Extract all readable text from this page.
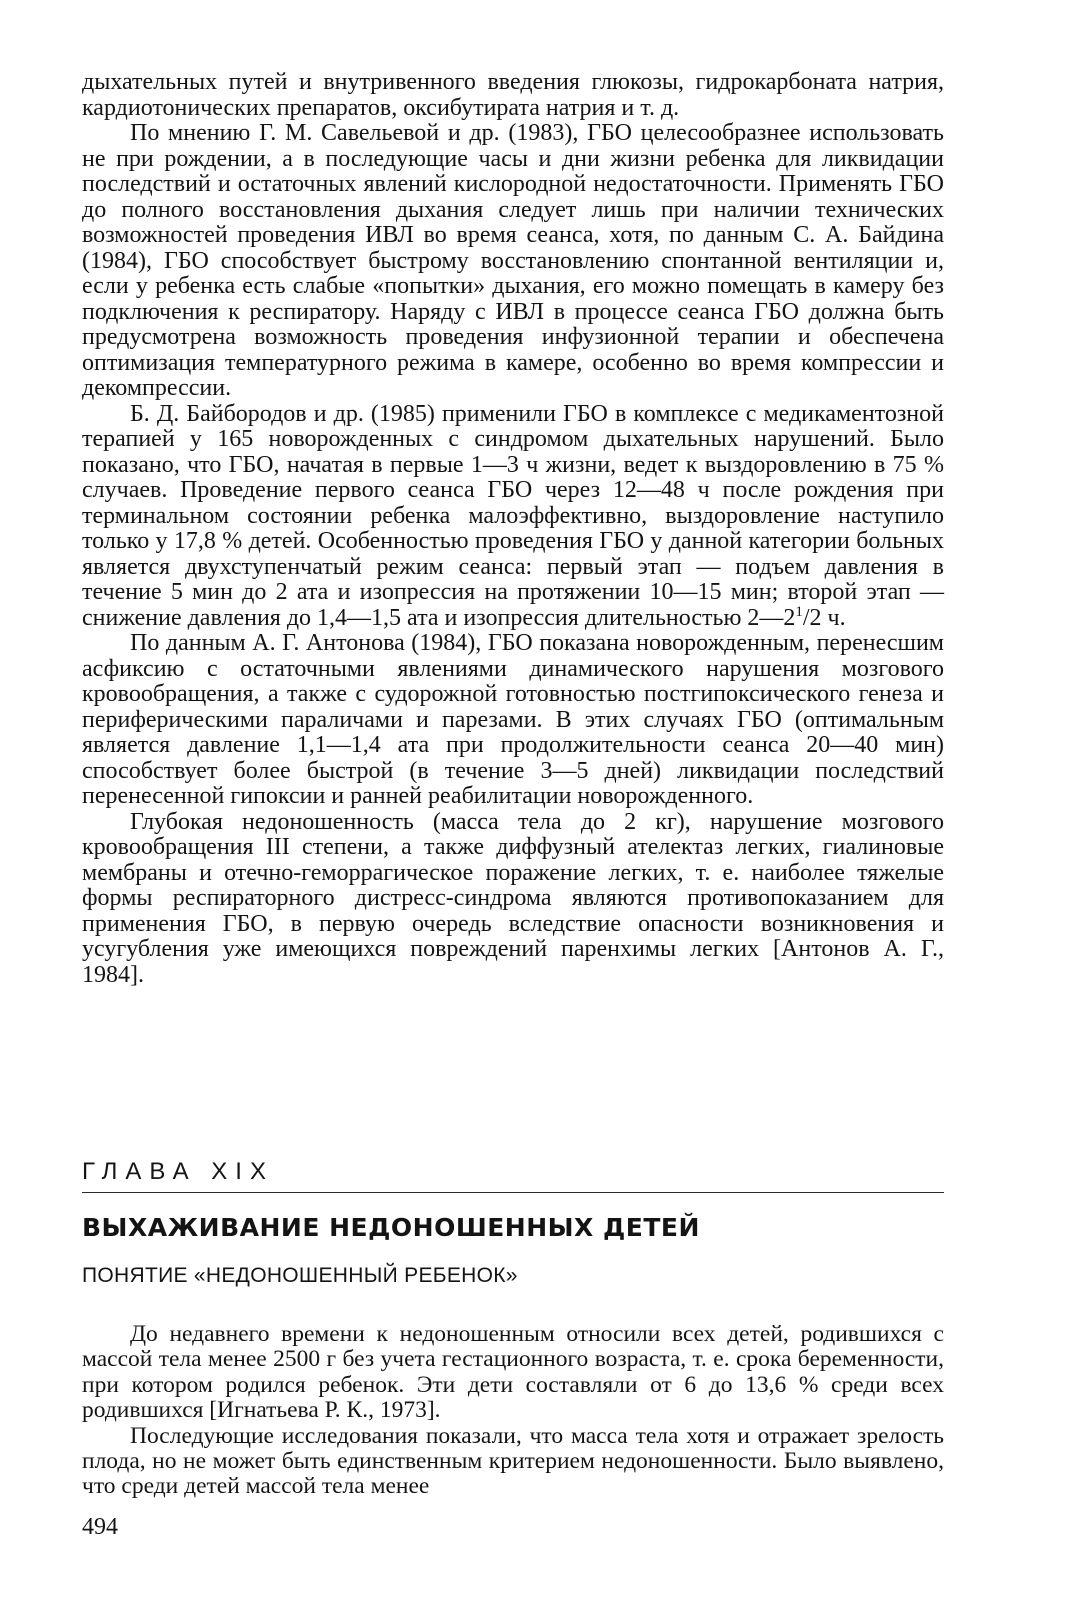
дыхательных путей и внутривенного введения глюкозы, гидрокарбоната натрия, кардиотонических препаратов, оксибутирата натрия и т. д.

По мнению Г. М. Савельевой и др. (1983), ГБО целесообразнее использовать не при рождении, а в последующие часы и дни жизни ребенка для ликвидации последствий и остаточных явлений кислородной недостаточности. Применять ГБО до полного восстановления дыхания следует лишь при наличии технических возможностей проведения ИВЛ во время сеанса, хотя, по данным С. А. Байдина (1984), ГБО способствует быстрому восстановлению спонтанной вентиляции и, если у ребенка есть слабые «попытки» дыхания, его можно помещать в камеру без подключения к респиратору. Наряду с ИВЛ в процессе сеанса ГБО должна быть предусмотрена возможность проведения инфузионной терапии и обеспечена оптимизация температурного режима в камере, особенно во время компрессии и декомпрессии.

Б. Д. Байбородов и др. (1985) применили ГБО в комплексе с медикаментозной терапией у 165 новорожденных с синдромом дыхательных нарушений. Было показано, что ГБО, начатая в первые 1—3 ч жизни, ведет к выздоровлению в 75 % случаев. Проведение первого сеанса ГБО через 12—48 ч после рождения при терминальном состоянии ребенка малоэффективно, выздоровление наступило только у 17,8 % детей. Особенностью проведения ГБО у данной категории больных является двухступенчатый режим сеанса: первый этап — подъем давления в течение 5 мин до 2 ата и изопрессия на протяжении 10—15 мин; второй этап — снижение давления до 1,4—1,5 ата и изопрессия длительностью $2—2^1/2$ ч.

По данным А. Г. Антонова (1984), ГБО показана новорожденным, перенесшим асфиксию с остаточными явлениями динамического нарушения мозгового кровообращения, а также с судорожной готовностью постгипоксического генеза и периферическими параличами и парезами. В этих случаях ГБО (оптимальным является давление 1,1—1,4 ата при продолжительности сеанса 20—40 мин) способствует более быстрой (в течение 3—5 дней) ликвидации последствий перенесенной гипоксии и ранней реабилитации новорожденного.

Глубокая недоношенность (масса тела до 2 кг), нарушение мозгового кровообращения III степени, а также диффузный ателектаз легких, гиалиновые мембраны и отечно-геморрагическое поражение легких, т. е. наиболее тяжелые формы респираторного дистресс-синдрома являются противопоказанием для применения ГБО, в первую очередь вследствие опасности возникновения и усугубления уже имеющихся повреждений паренхимы легких [Антонов А. Г., 1984].

ГЛАВА XIX
ВЫХАЖИВАНИЕ НЕДОНОШЕННЫХ ДЕТЕЙ
ПОНЯТИЕ «НЕДОНОШЕННЫЙ РЕБЕНОК»

До недавнего времени к недоношенным относили всех детей, родившихся с массой тела менее 2500 г без учета гестационного возраста, т. е. срока беременности, при котором родился ребенок. Эти дети составляли от 6 до 13,6 % среди всех родившихся [Игнатьева Р. К., 1973].

Последующие исследования показали, что масса тела хотя и отражает зрелость плода, но не может быть единственным критерием недоношенности. Было выявлено, что среди детей массой тела менее

494
